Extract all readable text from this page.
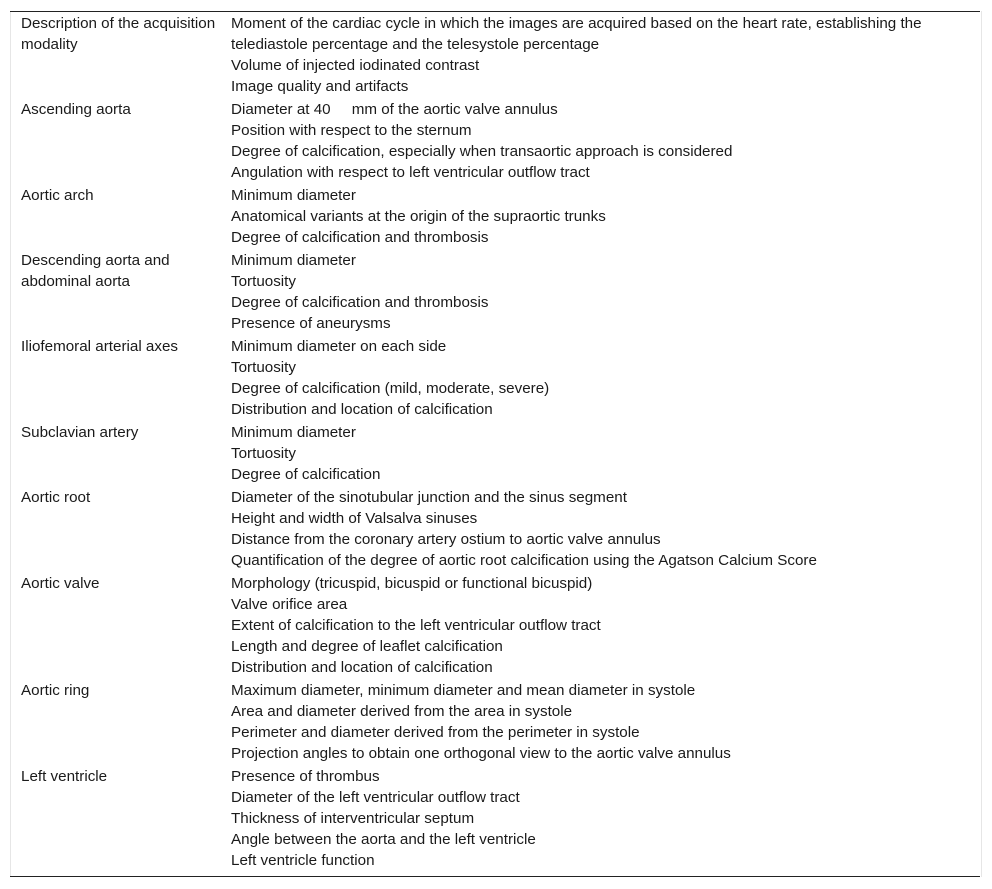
Description of the acquisition modality	Moment of the cardiac cycle in which the images are acquired based on the heart rate, establishing the telediastole percentage and the telesystole percentage
Volume of injected iodinated contrast
Image quality and artifacts

Ascending aorta	Diameter at 40     mm of the aortic valve annulus
Position with respect to the sternum
Degree of calcification, especially when transaortic approach is considered
Angulation with respect to left ventricular outflow tract

Aortic arch	Minimum diameter
Anatomical variants at the origin of the supraortic trunks
Degree of calcification and thrombosis

Descending aorta and abdominal aorta	Minimum diameter
Tortuosity
Degree of calcification and thrombosis
Presence of aneurysms

Iliofemoral arterial axes	Minimum diameter on each side
Tortuosity
Degree of calcification (mild, moderate, severe)
Distribution and location of calcification

Subclavian artery	Minimum diameter
Tortuosity
Degree of calcification

Aortic root	Diameter of the sinotubular junction and the sinus segment
Height and width of Valsalva sinuses
Distance from the coronary artery ostium to aortic valve annulus
Quantification of the degree of aortic root calcification using the Agatson Calcium Score

Aortic valve	Morphology (tricuspid, bicuspid or functional bicuspid)
Valve orifice area
Extent of calcification to the left ventricular outflow tract
Length and degree of leaflet calcification
Distribution and location of calcification

Aortic ring	Maximum diameter, minimum diameter and mean diameter in systole
Area and diameter derived from the area in systole
Perimeter and diameter derived from the perimeter in systole
Projection angles to obtain one orthogonal view to the aortic valve annulus

Left ventricle	Presence of thrombus
Diameter of the left ventricular outflow tract
Thickness of interventricular septum
Angle between the aorta and the left ventricle
Left ventricle function
